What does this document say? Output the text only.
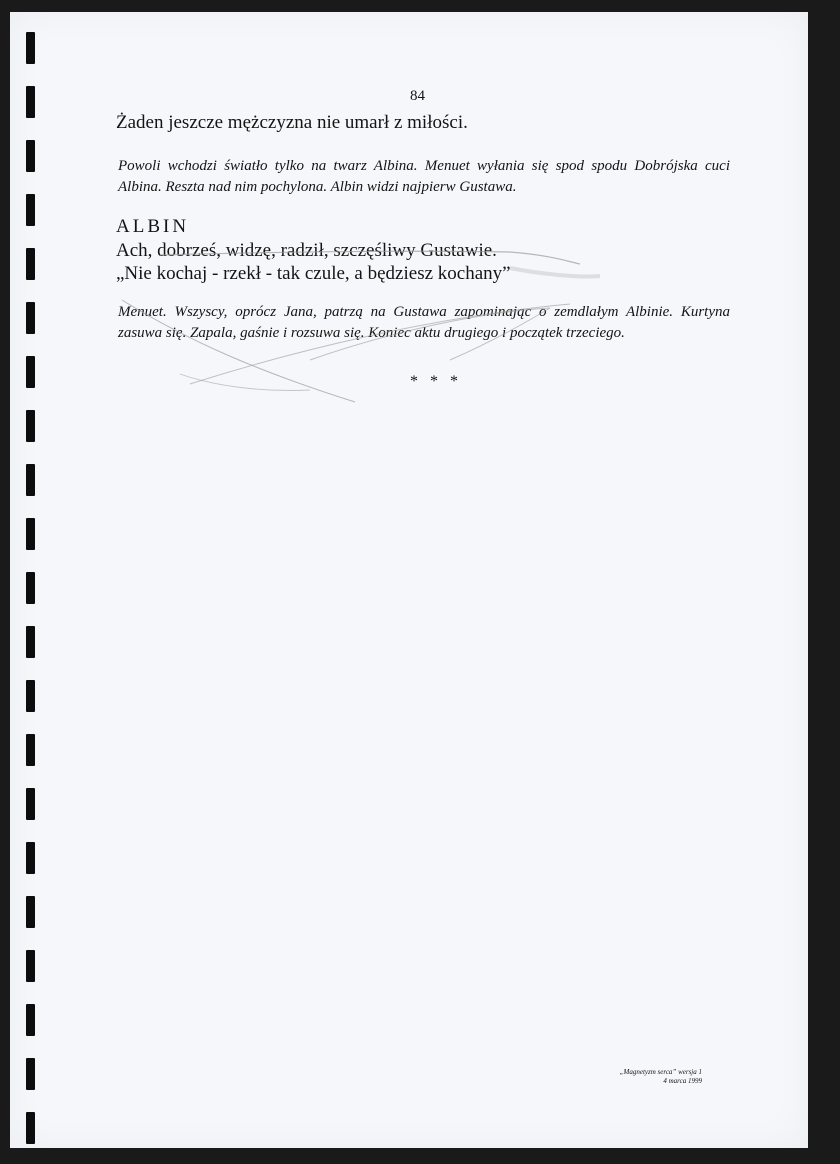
84
Żaden jeszcze mężczyzna nie umarł z miłości.
Powoli wchodzi światło tylko na twarz Albina. Menuet wyłania się spod spodu Dobrójska cuci Albina. Reszta nad nim pochylona. Albin widzi najpierw Gustawa.
ALBIN
Ach, dobrześ, widzę, radził, szczęśliwy Gustawie.
„Nie kochaj - rzekł - tak czule, a będziesz kochany”
Menuet. Wszyscy, oprócz Jana, patrzą na Gustawa zapominając o zemdlałym Albinie. Kurtyna zasuwa się. Zapala, gaśnie i rozsuwa się. Koniec aktu drugiego i początek trzeciego.
* * *
„Magnetyzm serca” wersja 1
4 marca 1999
